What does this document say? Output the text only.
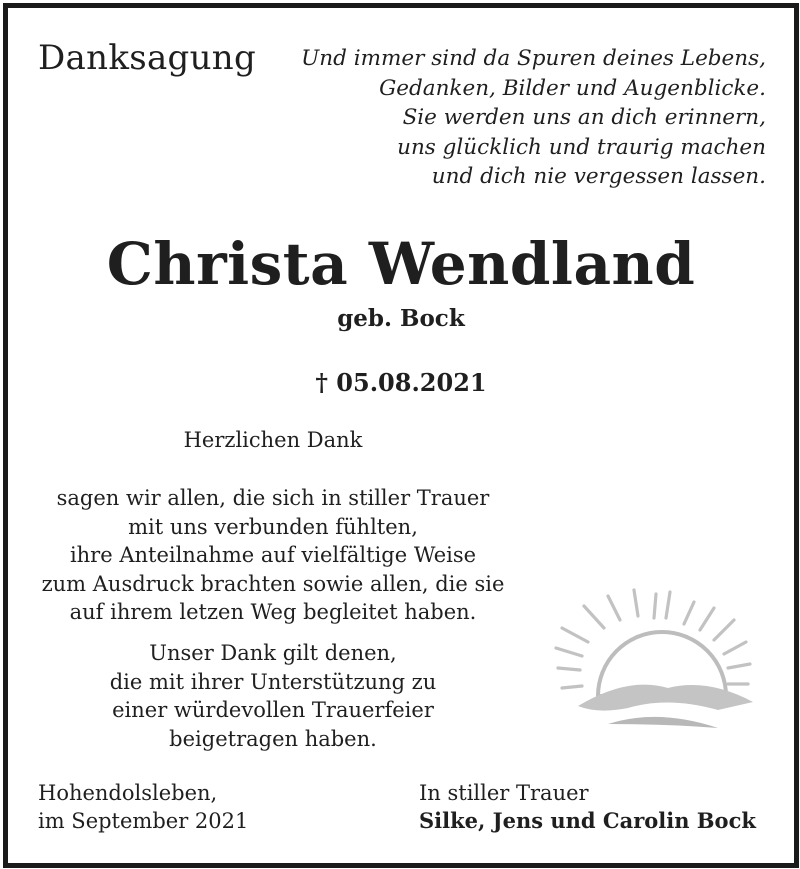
Danksagung Und immer sind da Spuren deines Lebens,
Gedanken, Bilder und Augenblicke.
Sie werden uns an dich erinnern,
uns glücklich und traurig machen
und dich nie vergessen lassen.
Christa Wendland
geb. Bock
† 05.08.2021
Herzlichen Dank
sagen wir allen, die sich in stiller Trauer
mit uns verbunden fühlten,
ihre Anteilnahme auf vielfältige Weise
zum Ausdruck brachten sowie allen, die sie
auf ihrem letzen Weg begleitet haben.
Unser Dank gilt denen,
die mit ihrer Unterstützung zu
einer würdevollen Trauerfeier
beigetragen haben.
Hohendolsleben,
im September 2021
In stiller Trauer
Silke, Jens und Carolin Bock
